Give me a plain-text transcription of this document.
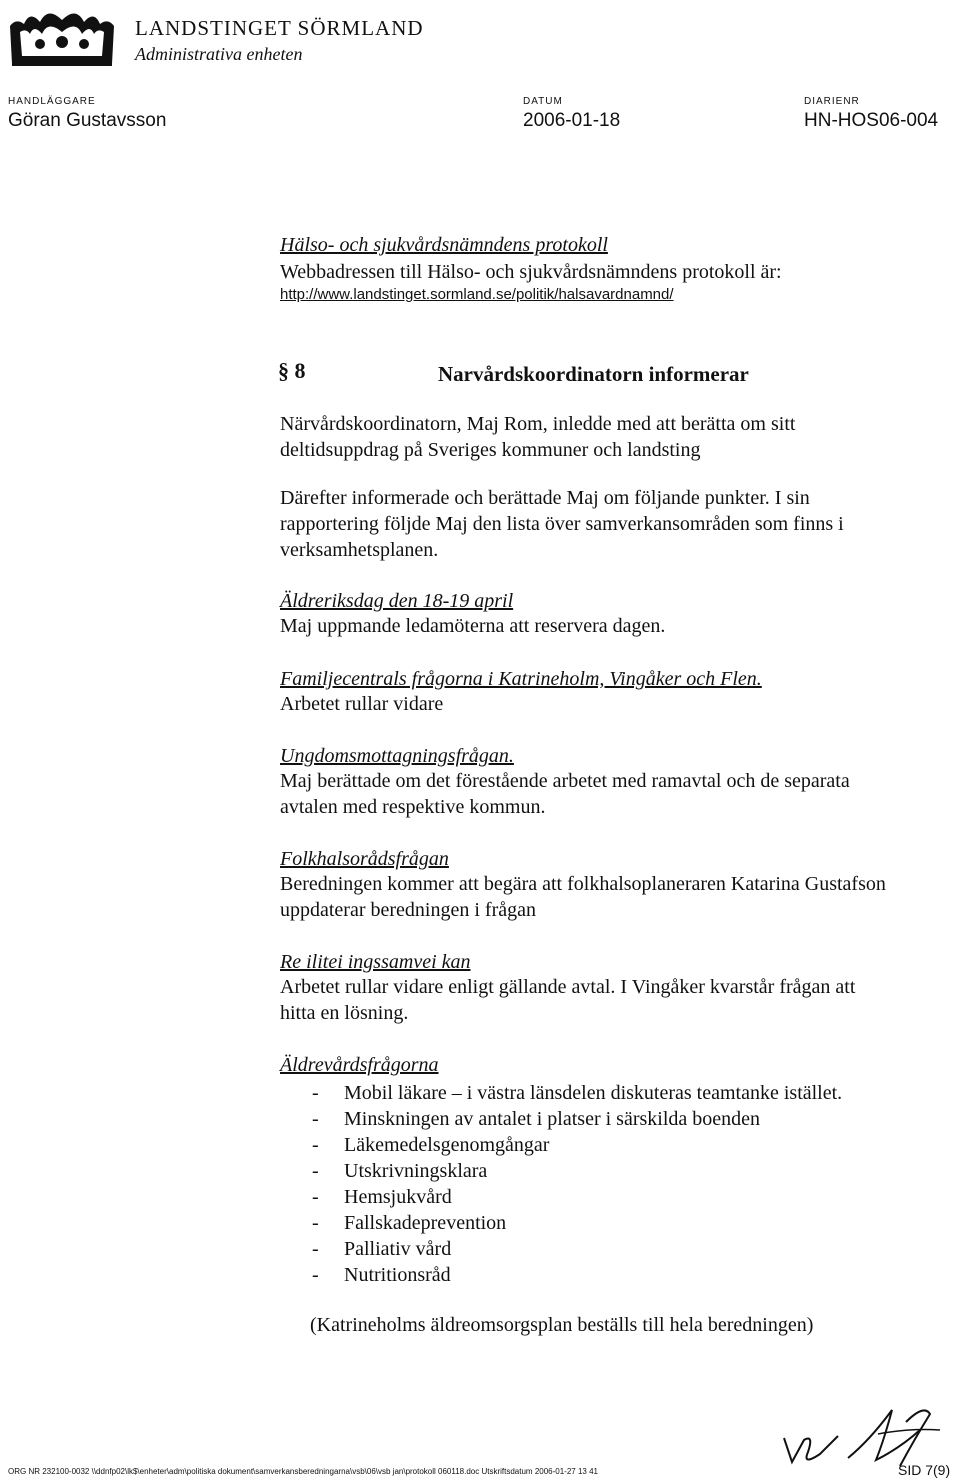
LANDSTINGET SÖRMLAND
Administrativa enheten
HANDLÄGGARE
Göran Gustavsson
DATUM
2006-01-18
DIARIENR
HN-HOS06-004
Hälso- och sjukvårdsnämndens protokoll
Webbadressen till Hälso- och sjukvårdsnämndens protokoll är:
http://www.landstinget.sormland.se/politik/halsavardnamnd/
§ 8	Narvårdskoordinatorn informerar
Närvårdskoordinatorn, Maj Rom, inledde med att berätta om sitt
deltidsuppdrag på Sveriges kommuner och landsting
Därefter informerade och berättade Maj om följande punkter. I sin
rapportering följde Maj den lista över samverkansområden som finns i
verksamhetsplanen.
Äldreriksdag den 18-19 april
Maj uppmande ledamöterna att reservera dagen.
Familjecentrals frågorna i Katrineholm, Vingåker och Flen.
Arbetet rullar vidare
Ungdomsmottagningsfrågan.
Maj berättade om det förestående arbetet med ramavtal och de separata
avtalen med respektive kommun.
Folkhalsorådsfrågan
Beredningen kommer att begära att folkhalsoplaneraren Katarina Gustafson
uppdaterar beredningen i frågan
Re ilitei ingssamvei kan
Arbetet rullar vidare enligt gällande avtal. I Vingåker kvarstår frågan att
hitta en lösning.
Äldrevårdsfrågorna
- Mobil läkare – i västra länsdelen diskuteras teamtanke istället.
- Minskningen av antalet i platser i särskilda boenden
- Läkemedelsgenomgångar
- Utskrivningsklara
- Hemsjukvård
- Fallskadeprevention
- Palliativ vård
- Nutritionsråd
(Katrineholms äldreomsorgsplan beställs till hela beredningen)
ORG NR 232100-0032 \\ddnfp02\lk$\enheter\adm\politiska dokument\samverkansberedningarna\vsb\06\vsb jan\protokoll 060118.doc Utskriftsdatum 2006-01-27 13 41	SID 7(9)
